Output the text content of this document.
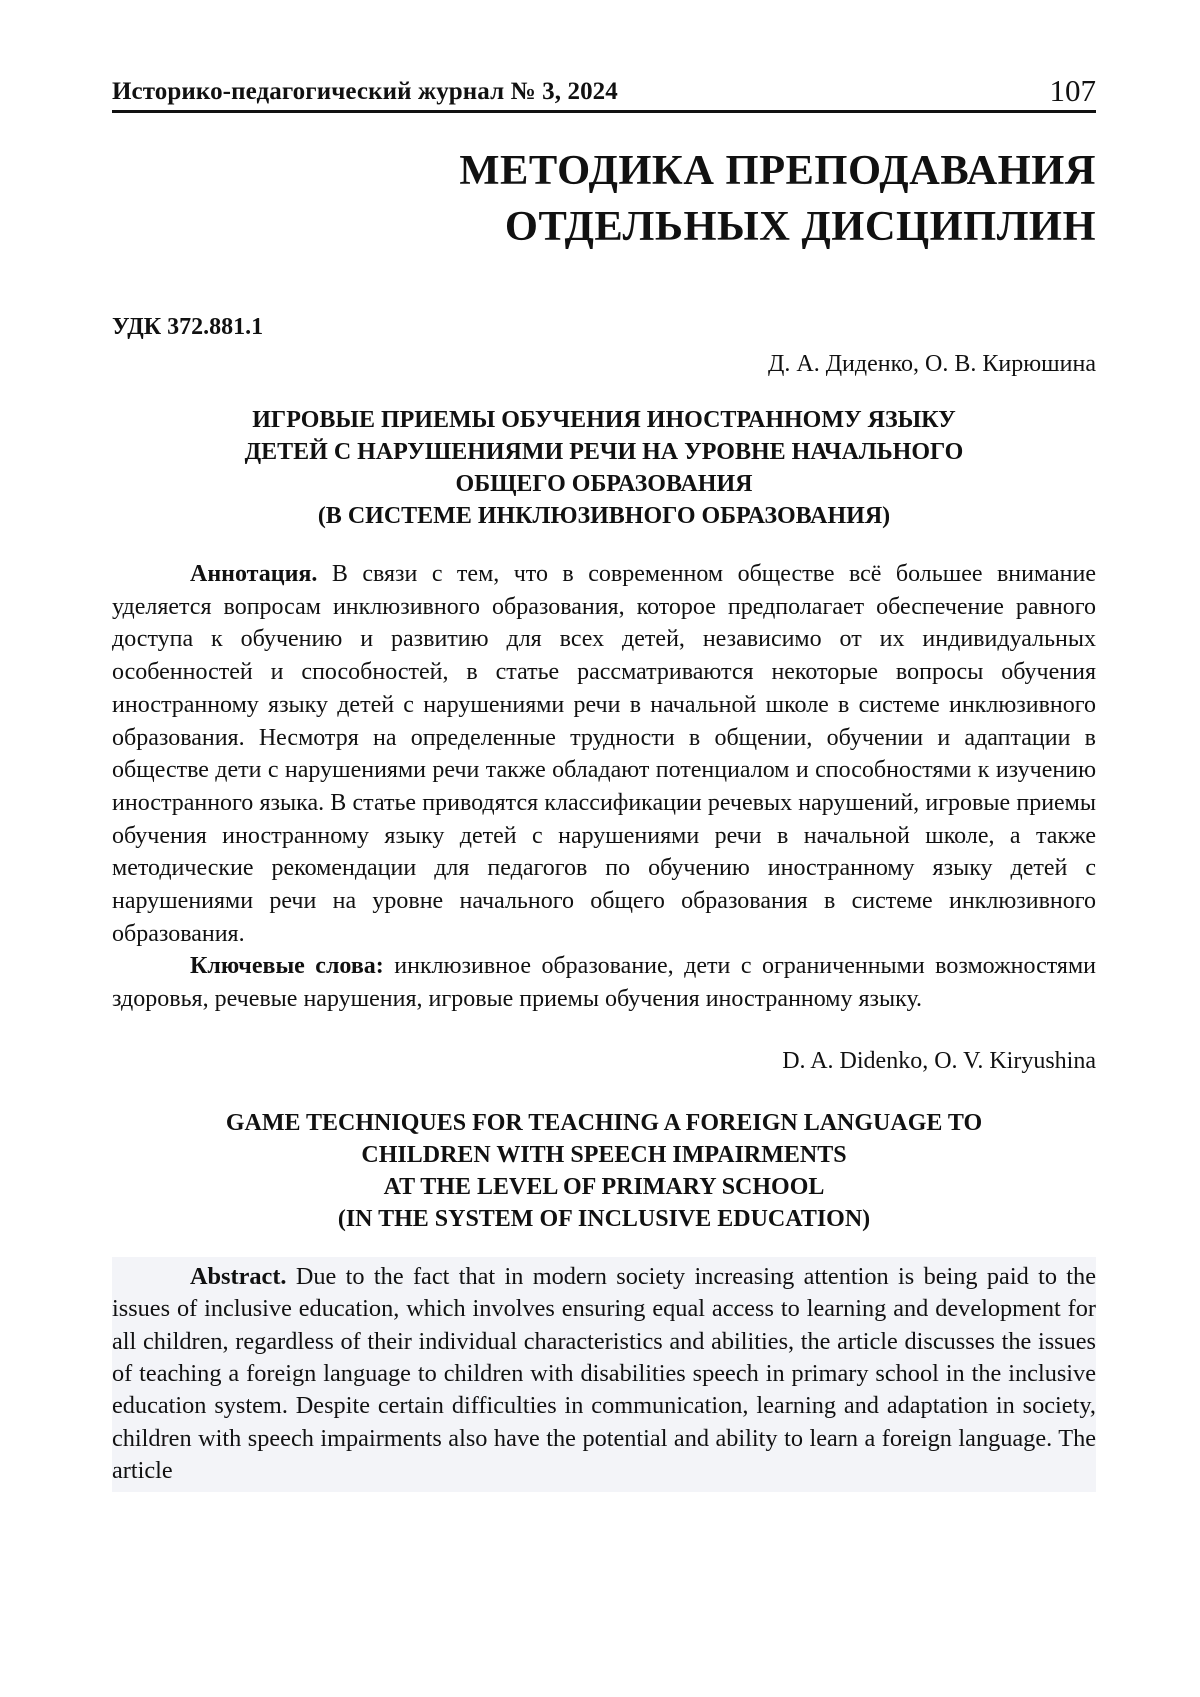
Историко-педагогический журнал № 3, 2024	107
МЕТОДИКА ПРЕПОДАВАНИЯ
ОТДЕЛЬНЫХ ДИСЦИПЛИН
УДК 372.881.1
Д. А. Диденко, О. В. Кирюшина
ИГРОВЫЕ ПРИЕМЫ ОБУЧЕНИЯ ИНОСТРАННОМУ ЯЗЫКУ
ДЕТЕЙ С НАРУШЕНИЯМИ РЕЧИ НА УРОВНЕ НАЧАЛЬНОГО
ОБЩЕГО ОБРАЗОВАНИЯ
(В СИСТЕМЕ ИНКЛЮЗИВНОГО ОБРАЗОВАНИЯ)

Аннотация. В связи с тем, что в современном обществе всё большее внимание уделяется вопросам инклюзивного образования, которое предполагает обеспечение равного доступа к обучению и развитию для всех детей, независимо от их индивидуальных особенностей и способностей, в статье рассматриваются некоторые вопросы обучения иностранному языку детей с нарушениями речи в начальной школе в системе инклюзивного образования. Несмотря на определенные трудности в общении, обучении и адаптации в обществе дети с нарушениями речи также обладают потенциалом и способностями к изучению иностранного языка. В статье приводятся классификации речевых нарушений, игровые приемы обучения иностранному языку детей с нарушениями речи в начальной школе, а также методические рекомендации для педагогов по обучению иностранному языку детей с нарушениями речи на уровне начального общего образования в системе инклюзивного образования.

Ключевые слова: инклюзивное образование, дети с ограниченными возможностями здоровья, речевые нарушения, игровые приемы обучения иностранному языку.

D. A. Didenko, O. V. Kiryushina
GAME TECHNIQUES FOR TEACHING A FOREIGN LANGUAGE TO
CHILDREN WITH SPEECH IMPAIRMENTS
AT THE LEVEL OF PRIMARY SCHOOL
(IN THE SYSTEM OF INCLUSIVE EDUCATION)

Abstract. Due to the fact that in modern society increasing attention is being paid to the issues of inclusive education, which involves ensuring equal access to learning and development for all children, regardless of their individual characteristics and abilities, the article discusses the issues of teaching a foreign language to children with disabilities speech in primary school in the inclusive education system. Despite certain difficulties in communication, learning and adaptation in society, children with speech impairments also have the potential and ability to learn a foreign language. The article
